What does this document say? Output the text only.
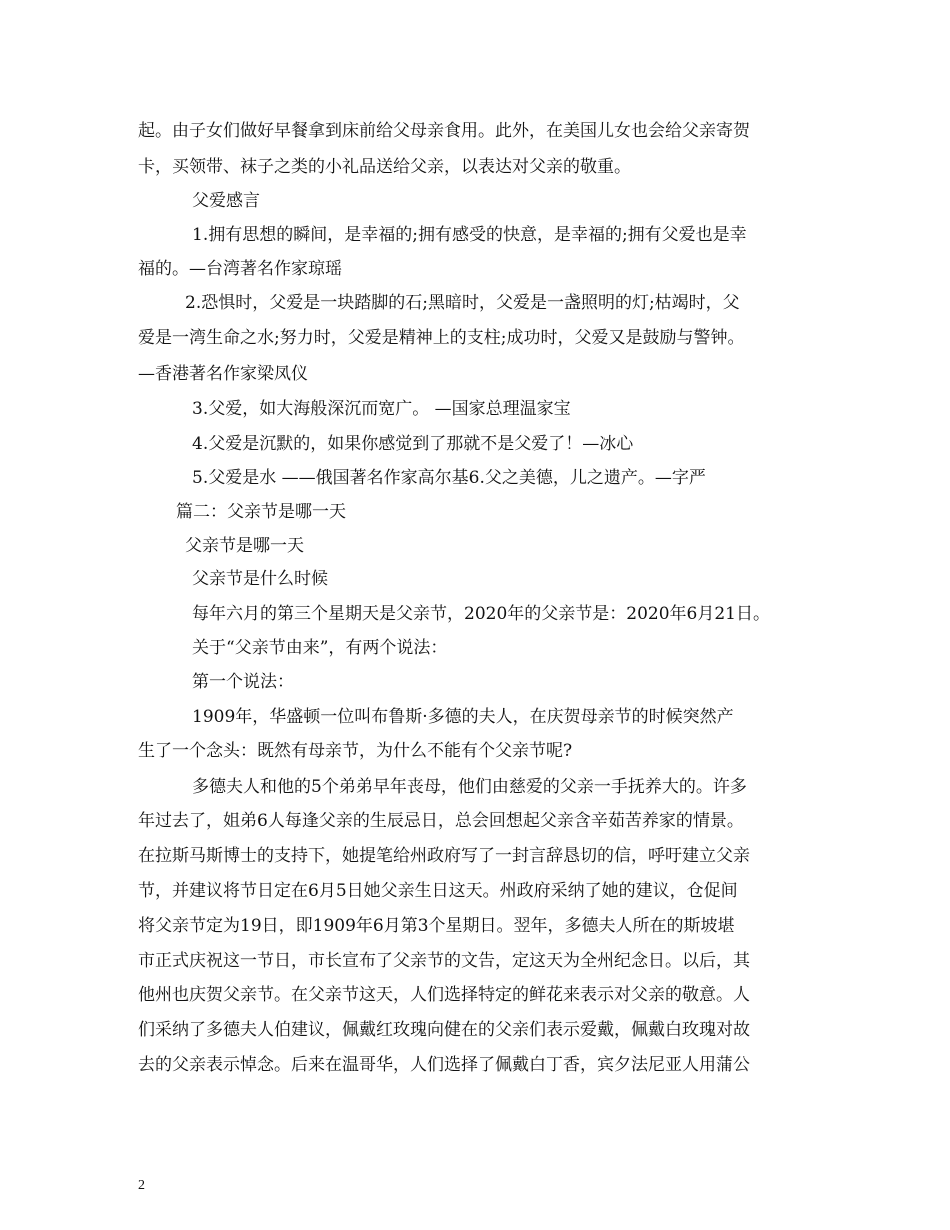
起。由子女们做好早餐拿到床前给父母亲食用。此外，在美国儿女也会给父亲寄贺
卡，买领带、袜子之类的小礼品送给父亲，以表达对父亲的敬重。
父爱感言
1.拥有思想的瞬间，是幸福的;拥有感受的快意，是幸福的;拥有父爱也是幸
福的。—台湾著名作家琼瑶
2.恐惧时，父爱是一块踏脚的石;黑暗时，父爱是一盏照明的灯;枯竭时，父
爱是一湾生命之水;努力时，父爱是精神上的支柱;成功时，父爱又是鼓励与警钟。
—香港著名作家梁凤仪
3.父爱，如大海般深沉而宽广。 —国家总理温家宝
4.父爱是沉默的，如果你感觉到了那就不是父爱了！—冰心
5.父爱是水 ——俄国著名作家高尔基6.父之美德，儿之遗产。—字严
篇二：父亲节是哪一天
父亲节是哪一天
父亲节是什么时候
每年六月的第三个星期天是父亲节，2020年的父亲节是：2020年6月21日。
关于“父亲节由来”，有两个说法：
第一个说法：
1909年，华盛顿一位叫布鲁斯·多德的夫人，在庆贺母亲节的时候突然产
生了一个念头：既然有母亲节，为什么不能有个父亲节呢?
多德夫人和他的5个弟弟早年丧母，他们由慈爱的父亲一手抚养大的。许多
年过去了，姐弟6人每逢父亲的生辰忌日，总会回想起父亲含辛茹苦养家的情景。
在拉斯马斯博士的支持下，她提笔给州政府写了一封言辞恳切的信，呼吁建立父亲
节，并建议将节日定在6月5日她父亲生日这天。州政府采纳了她的建议，仓促间
将父亲节定为19日，即1909年6月第3个星期日。翌年，多德夫人所在的斯坡堪
市正式庆祝这一节日，市长宣布了父亲节的文告，定这天为全州纪念日。以后，其
他州也庆贺父亲节。在父亲节这天，人们选择特定的鲜花来表示对父亲的敬意。人
们采纳了多德夫人伯建议，佩戴红玫瑰向健在的父亲们表示爱戴，佩戴白玫瑰对故
去的父亲表示悼念。后来在温哥华，人们选择了佩戴白丁香，宾夕法尼亚人用蒲公
2
